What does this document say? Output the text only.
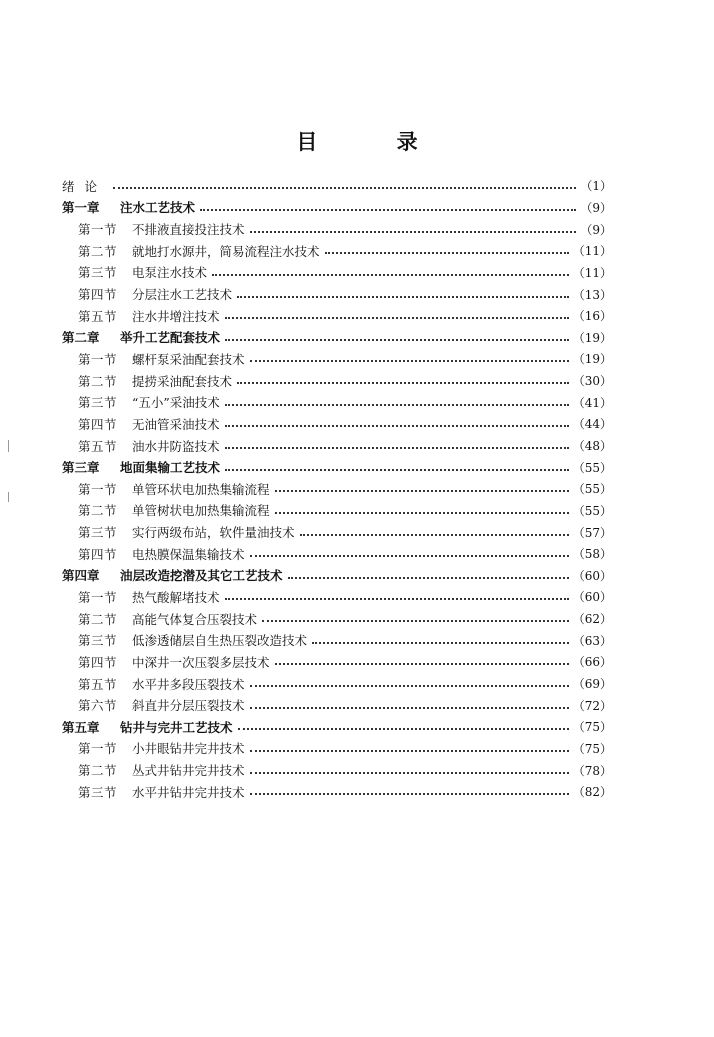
目 录
绪论	（1）
第一章	注水工艺技术	（9）
第一节	不排液直接投注技术	（9）
第二节	就地打水源井，简易流程注水技术	（11）
第三节	电泵注水技术	（11）
第四节	分层注水工艺技术	（13）
第五节	注水井增注技术	（16）
第二章	举升工艺配套技术	（19）
第一节	螺杆泵采油配套技术	（19）
第二节	提捞采油配套技术	（30）
第三节	“五小”采油技术	（41）
第四节	无油管采油技术	（44）
第五节	油水井防盗技术	（48）
第三章	地面集输工艺技术	（55）
第一节	单管环状电加热集输流程	（55）
第二节	单管树状电加热集输流程	（55）
第三节	实行两级布站，软件量油技术	（57）
第四节	电热膜保温集输技术	（58）
第四章	油层改造挖潜及其它工艺技术	（60）
第一节	热气酸解堵技术	（60）
第二节	高能气体复合压裂技术	（62）
第三节	低渗透储层自生热压裂改造技术	（63）
第四节	中深井一次压裂多层技术	（66）
第五节	水平井多段压裂技术	（69）
第六节	斜直井分层压裂技术	（72）
第五章	钻井与完井工艺技术	（75）
第一节	小井眼钻井完井技术	（75）
第二节	丛式井钻井完井技术	（78）
第三节	水平井钻井完井技术	（82）
